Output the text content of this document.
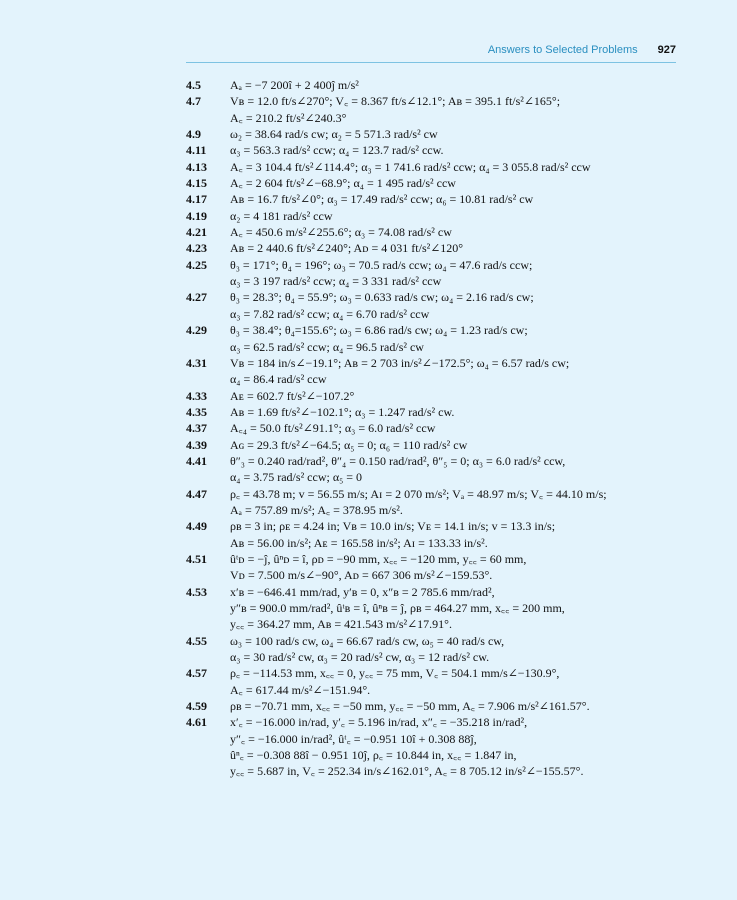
Answers to Selected Problems 927
4.5	Aₐ = −7 200î + 2 400ĵ m/s²
4.7	Vʙ = 12.0 ft/s∠270°; V꜀ = 8.367 ft/s∠12.1°; Aʙ = 395.1 ft/s²∠165°;
A꜀ = 210.2 ft/s²∠240.3°
4.9	ω₂ = 38.64 rad/s cw; α₂ = 5 571.3 rad/s² cw
4.11	α₃ = 563.3 rad/s² ccw; α₄ = 123.7 rad/s² ccw.
4.13	A꜀ = 3 104.4 ft/s²∠114.4°; α₃ = 1 741.6 rad/s² ccw; α₄ = 3 055.8 rad/s² ccw
4.15	A꜀ = 2 604 ft/s²∠−68.9°; α₄ = 1 495 rad/s² ccw
4.17	Aʙ = 16.7 ft/s²∠0°; α₃ = 17.49 rad/s² ccw; α₆ = 10.81 rad/s² cw
4.19	α₂ = 4 181 rad/s² ccw
4.21	A꜀ = 450.6 m/s²∠255.6°; α₃ = 74.08 rad/s² cw
4.23	Aʙ = 2 440.6 ft/s²∠240°; Aᴅ = 4 031 ft/s²∠120°
4.25	θ₃ = 171°; θ₄ = 196°; ω₃ = 70.5 rad/s ccw; ω₄ = 47.6 rad/s ccw;
α₃ = 3 197 rad/s² ccw; α₄ = 3 331 rad/s² ccw
4.27	θ₃ = 28.3°; θ₄ = 55.9°; ω₃ = 0.633 rad/s cw; ω₄ = 2.16 rad/s cw;
α₃ = 7.82 rad/s² ccw; α₄ = 6.70 rad/s² ccw
4.29	θ₃ = 38.4°; θ₄=155.6°; ω₃ = 6.86 rad/s cw; ω₄ = 1.23 rad/s cw;
α₃ = 62.5 rad/s² ccw; α₄ = 96.5 rad/s² cw
4.31	Vʙ = 184 in/s∠−19.1°; Aʙ = 2 703 in/s²∠−172.5°; ω₄ = 6.57 rad/s cw;
α₄ = 86.4 rad/s² ccw
4.33	Aᴇ = 602.7 ft/s²∠−107.2°
4.35	Aʙ = 1.69 ft/s²∠−102.1°; α₃ = 1.247 rad/s² cw.
4.37	A꜀₄ = 50.0 ft/s²∠91.1°; α₃ = 6.0 rad/s² ccw
4.39	Aɢ = 29.3 ft/s²∠−64.5; α₅ = 0; α₆ = 110 rad/s² cw
4.41	θ″₃ = 0.240 rad/rad², θ″₄ = 0.150 rad/rad², θ″₅ = 0; α₃ = 6.0 rad/s² ccw,
α₄ = 3.75 rad/s² ccw; α₅ = 0
4.47	ρ꜀ = 43.78 m; v = 56.55 m/s; Aɪ = 2 070 m/s²; Vₐ = 48.97 m/s; V꜀ = 44.10 m/s;
Aₐ = 757.89 m/s²; A꜀ = 378.95 m/s².
4.49	ρʙ = 3 in; ρᴇ = 4.24 in; Vʙ = 10.0 in/s; Vᴇ = 14.1 in/s; v = 13.3 in/s;
Aʙ = 56.00 in/s²; Aᴇ = 165.58 in/s²; Aɪ = 133.33 in/s².
4.51	ûᵗᴅ = −ĵ, ûⁿᴅ = î, ρᴅ = −90 mm, x꜀꜀ = −120 mm, y꜀꜀ = 60 mm,
Vᴅ = 7.500 m/s∠−90°, Aᴅ = 667 306 m/s²∠−159.53°.
4.53	x′ʙ = −646.41 mm/rad, y′ʙ = 0, x″ʙ = 2 785.6 mm/rad²,
y″ʙ = 900.0 mm/rad², ûᵗʙ = î, ûⁿʙ = ĵ, ρʙ = 464.27 mm, x꜀꜀ = 200 mm,
y꜀꜀ = 364.27 mm, Aʙ = 421.543 m/s²∠17.91°.
4.55	ω₃ = 100 rad/s cw, ω₄ = 66.67 rad/s cw, ω₅ = 40 rad/s cw,
α₃ = 30 rad/s² cw, α₃ = 20 rad/s² cw, α₃ = 12 rad/s² cw.
4.57	ρ꜀ = −114.53 mm, x꜀꜀ = 0, y꜀꜀ = 75 mm, V꜀ = 504.1 mm/s∠−130.9°,
A꜀ = 617.44 m/s²∠−151.94°.
4.59	ρʙ = −70.71 mm, x꜀꜀ = −50 mm, y꜀꜀ = −50 mm, A꜀ = 7.906 m/s²∠161.57°.
4.61	x′꜀ = −16.000 in/rad, y′꜀ = 5.196 in/rad, x″꜀ = −35.218 in/rad²,
y″꜀ = −16.000 in/rad², ûᵗ꜀ = −0.951 10î + 0.308 88ĵ,
ûⁿ꜀ = −0.308 88î − 0.951 10ĵ, ρ꜀ = 10.844 in, x꜀꜀ = 1.847 in,
y꜀꜀ = 5.687 in, V꜀ = 252.34 in/s∠162.01°, A꜀ = 8 705.12 in/s²∠−155.57°.
